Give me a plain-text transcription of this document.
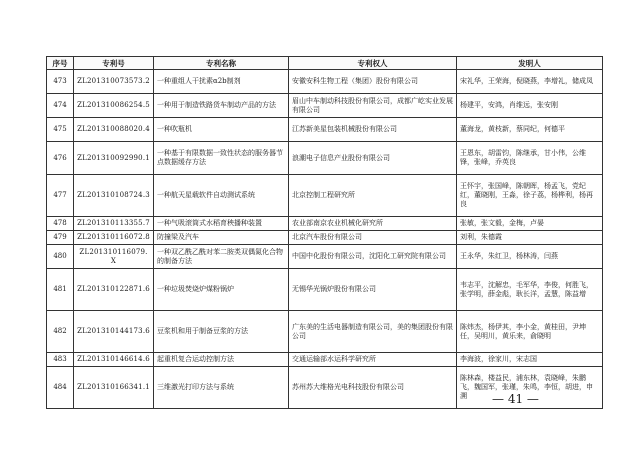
序号	专利号	专利名称	专利权人	发明人
473	ZL201310073573.2	一种重组人干扰素α2b制剂	安徽安科生物工程（集团）股份有限公司	宋礼华，王荣海，倪晓燕，李增礼，储成凤
474	ZL201310086254.5	一种用于制造铁路货车制动产品的方法	眉山中车制动科技股份有限公司，成都广屹实业发展有限公司	杨建平，安鸿，肖维远，张安刚
475	ZL201310088020.4	一种吹瓶机	江苏新美星包装机械股份有限公司	董海龙，黄枝新，蔡同纪，何德平
476	ZL201310092990.1	一种基于有限数据一致性状态的服务器节点数据缓存方法	浪潮电子信息产业股份有限公司	王恩东，胡雷钧，陈继承，甘小伟，公维锋，张峰，乔英良
477	ZL201310108724.3	一种航天星载软件自动测试系统	北京控制工程研究所	王怀宇，张国峰，陈朝晖，杨孟飞，党纪红，董晓刚，王淼，徐子荔，杨桦利，杨再良
478	ZL201310113355.7	一种气吸滚筒式水稻育秧播种装置	农业部南京农业机械化研究所	张敏，张文毅，金梅，卢晏
479	ZL201310116072.8	防撞梁及汽车	北京汽车股份有限公司	刘利，朱德霞
480	ZL201310116079.X	一种双乙酰乙酰对苯二胺类双偶氮化合物的制备方法	中国中化股份有限公司，沈阳化工研究院有限公司	王永华，朱红卫，杨林涛，闫燕
481	ZL201310122871.6	一种垃圾焚烧炉煤粉锅炉	无锡华光锅炉股份有限公司	韦志平，沈解忠，毛军华，李俊，何胜飞，张学明，薛金彪，耿长洋，孟慧，陈益增
482	ZL201310144173.6	豆浆机和用于制备豆浆的方法	广东美的生活电器制造有限公司，美的集团股份有限公司	陈炜杰，杨伊其，李小金，黄桂田，尹坤任，吴明川，黄乐来，俞晓明
483	ZL201310146614.6	起重机复合运动控制方法	交通运输部水运科学研究所	李海波，徐家川，宋志国
484	ZL201310166341.1	三维激光打印方法与系统	苏州苏大维格光电科技股份有限公司	陈林森，楼益民，浦东林，袁晓峰，朱鹏飞，魏国军，张瑾，朱鸣，李恒，胡进，申溯 — 41 —
